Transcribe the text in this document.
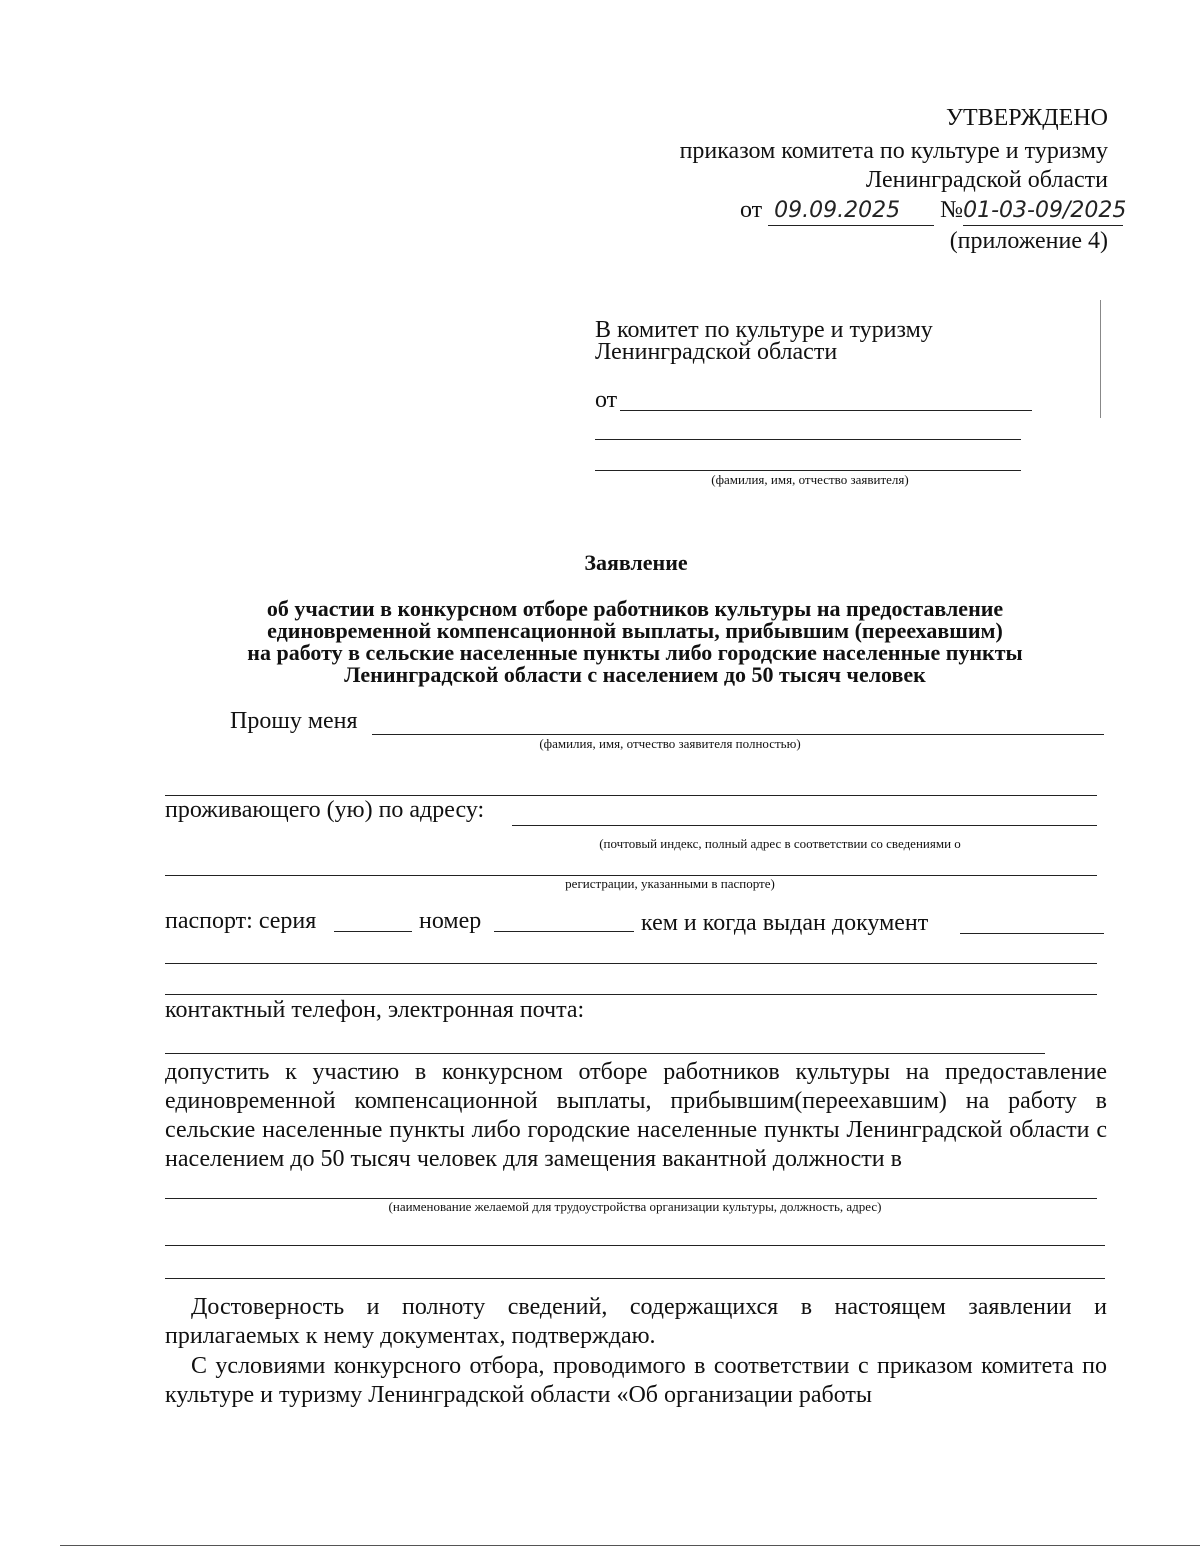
УТВЕРЖДЕНО
приказом комитета по культуре и туризму
Ленинградской области
от 09.09.2025 №01-03-09/2025
(приложение 4)
В комитет по культуре и туризму
Ленинградской области
от
(фамилия, имя, отчество заявителя)
Заявление
об участии в конкурсном отборе работников культуры на предоставление
единовременной компенсационной выплаты, прибывшим (переехавшим)
на работу в сельские населенные пункты либо городские населенные пункты
Ленинградской области с населением до 50 тысяч человек
Прошу меня
(фамилия, имя, отчество заявителя полностью)
проживающего (ую) по адресу:
(почтовый индекс, полный адрес в соответствии со сведениями о
регистрации, указанными в паспорте)
паспорт: серия	номер	кем и когда выдан документ
контактный телефон, электронная почта:
допустить к участию в конкурсном отборе работников культуры на предоставление единовременной компенсационной выплаты, прибывшим(переехавшим) на работу в сельские населенные пункты либо городские населенные пункты Ленинградской области с населением до 50 тысяч человек для замещения вакантной должности в
(наименование желаемой для трудоустройства организации культуры, должность, адрес)
Достоверность и полноту сведений, содержащихся в настоящем заявлении и прилагаемых к нему документах, подтверждаю.
С условиями конкурсного отбора, проводимого в соответствии с приказом комитета по культуре и туризму Ленинградской области «Об организации работы
